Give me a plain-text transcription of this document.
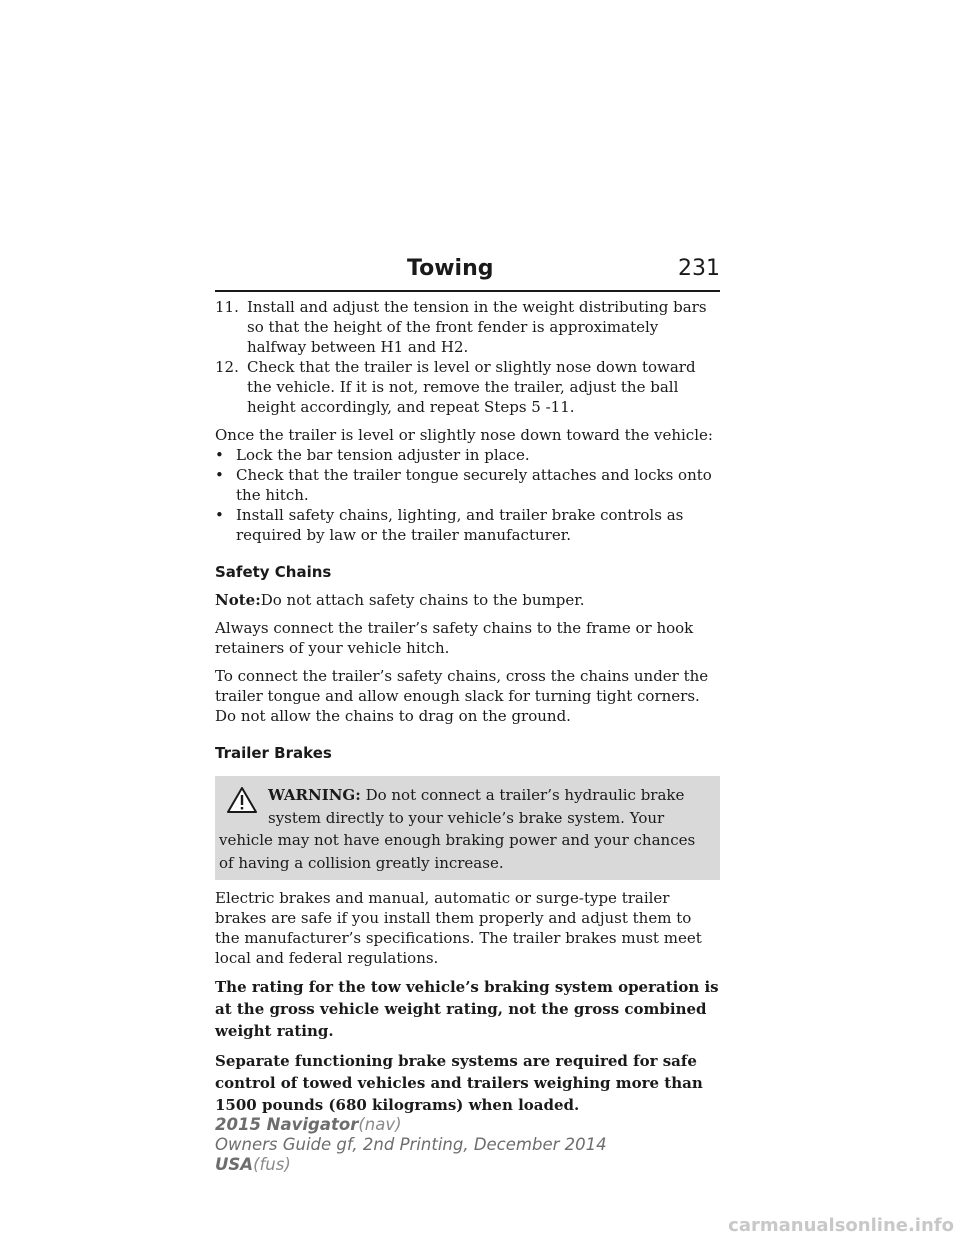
Towing	231
11. Install and adjust the tension in the weight distributing bars so that the height of the front fender is approximately halfway between H1 and H2.
12. Check that the trailer is level or slightly nose down toward the vehicle. If it is not, remove the trailer, adjust the ball height accordingly, and repeat Steps 5 -11.

Once the trailer is level or slightly nose down toward the vehicle:

• Lock the bar tension adjuster in place.
• Check that the trailer tongue securely attaches and locks onto the hitch.
• Install safety chains, lighting, and trailer brake controls as required by law or the trailer manufacturer.
Safety Chains

Note:Do not attach safety chains to the bumper.

Always connect the trailer’s safety chains to the frame or hook retainers of your vehicle hitch.

To connect the trailer’s safety chains, cross the chains under the trailer tongue and allow enough slack for turning tight corners. Do not allow the chains to drag on the ground.

Trailer Brakes
WARNING: Do not connect a trailer’s hydraulic brake system directly to your vehicle’s brake system. Your vehicle may not have enough braking power and your chances of having a collision greatly increase.

Electric brakes and manual, automatic or surge-type trailer brakes are safe if you install them properly and adjust them to the manufacturer’s specifications. The trailer brakes must meet local and federal regulations.

The rating for the tow vehicle’s braking system operation is at the gross vehicle weight rating, not the gross combined weight rating.

Separate functioning brake systems are required for safe control of towed vehicles and trailers weighing more than 1500 pounds (680 kilograms) when loaded.

2015 Navigator(nav)
Owners Guide gf, 2nd Printing, December 2014
USA(fus)
carmanualsonline.info
